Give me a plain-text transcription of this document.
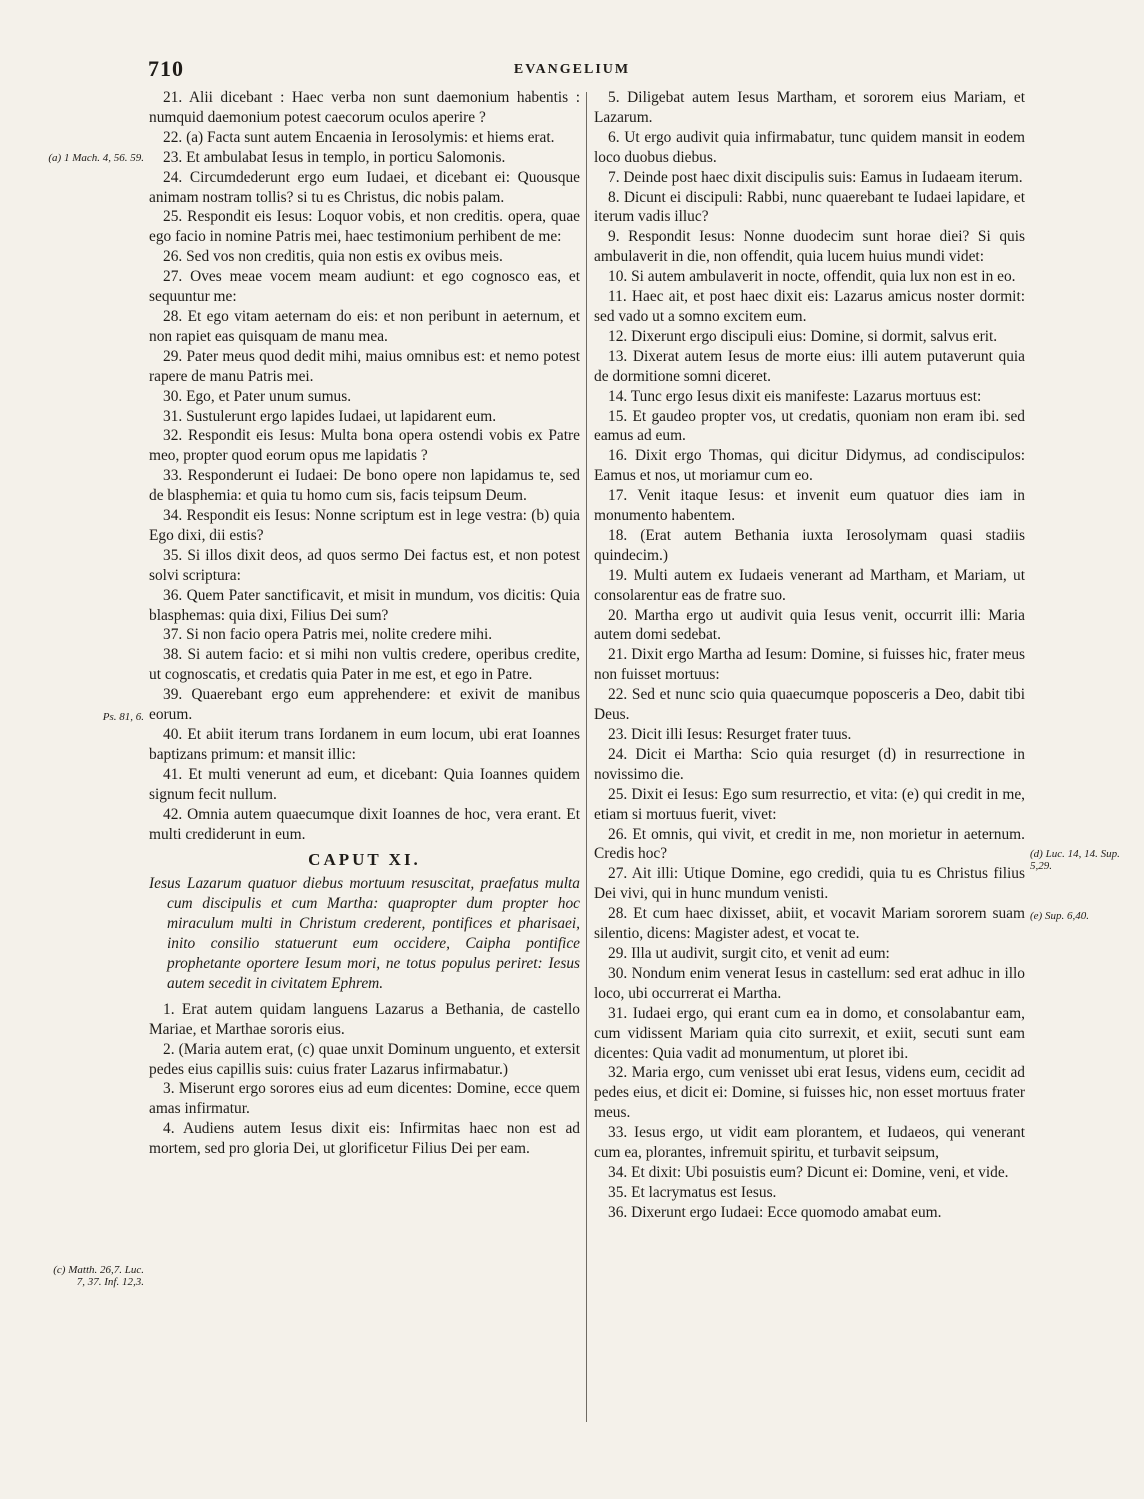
710	EVANGELIUM
(a) 1 Mach. 4, 56. 59.
Ps. 81, 6.
(c) Matth. 26,7. Luc. 7, 37. Inf. 12,3.
(d) Luc. 14, 14. Sup. 5,29.
(e) Sup. 6,40.

21. Alii dicebant : Haec verba non sunt daemonium habentis : numquid daemonium potest caecorum oculos aperire ?

22. (a) Facta sunt autem Encaenia in Ierosolymis: et hiems erat.

23. Et ambulabat Iesus in templo, in porticu Salomonis.

24. Circumdederunt ergo eum Iudaei, et dicebant ei: Quousque animam nostram tollis? si tu es Christus, dic nobis palam.

25. Respondit eis Iesus: Loquor vobis, et non creditis. opera, quae ego facio in nomine Patris mei, haec testimonium perhibent de me:

26. Sed vos non creditis, quia non estis ex ovibus meis.

27. Oves meae vocem meam audiunt: et ego cognosco eas, et sequuntur me:

28. Et ego vitam aeternam do eis: et non peribunt in aeternum, et non rapiet eas quisquam de manu mea.

29. Pater meus quod dedit mihi, maius omnibus est: et nemo potest rapere de manu Patris mei.

30. Ego, et Pater unum sumus.

31. Sustulerunt ergo lapides Iudaei, ut lapidarent eum.

32. Respondit eis Iesus: Multa bona opera ostendi vobis ex Patre meo, propter quod eorum opus me lapidatis ?

33. Responderunt ei Iudaei: De bono opere non lapidamus te, sed de blasphemia: et quia tu homo cum sis, facis teipsum Deum.

34. Respondit eis Iesus: Nonne scriptum est in lege vestra: (b) quia Ego dixi, dii estis?

35. Si illos dixit deos, ad quos sermo Dei factus est, et non potest solvi scriptura:

36. Quem Pater sanctificavit, et misit in mundum, vos dicitis: Quia blasphemas: quia dixi, Filius Dei sum?

37. Si non facio opera Patris mei, nolite credere mihi.

38. Si autem facio: et si mihi non vultis credere, operibus credite, ut cognoscatis, et credatis quia Pater in me est, et ego in Patre.

39. Quaerebant ergo eum apprehendere: et exivit de manibus eorum.

40. Et abiit iterum trans Iordanem in eum locum, ubi erat Ioannes baptizans primum: et mansit illic:

41. Et multi venerunt ad eum, et dicebant: Quia Ioannes quidem signum fecit nullum.

42. Omnia autem quaecumque dixit Ioannes de hoc, vera erant. Et multi crediderunt in eum.

CAPUT XI.

Iesus Lazarum quatuor diebus mortuum resuscitat, praefatus multa cum discipulis et cum Martha: quapropter dum propter hoc miraculum multi in Christum crederent, pontifices et pharisaei, inito consilio statuerunt eum occidere, Caipha pontifice prophetante oportere Iesum mori, ne totus populus periret: Iesus autem secedit in civitatem Ephrem.

1. Erat autem quidam languens Lazarus a Bethania, de castello Mariae, et Marthae sororis eius.

2. (Maria autem erat, (c) quae unxit Dominum unguento, et extersit pedes eius capillis suis: cuius frater Lazarus infirmabatur.)

3. Miserunt ergo sorores eius ad eum dicentes: Domine, ecce quem amas infirmatur.

4. Audiens autem Iesus dixit eis: Infirmitas haec non est ad mortem, sed pro gloria Dei, ut glorificetur Filius Dei per eam.

5. Diligebat autem Iesus Martham, et sororem eius Mariam, et Lazarum.

6. Ut ergo audivit quia infirmabatur, tunc quidem mansit in eodem loco duobus diebus.

7. Deinde post haec dixit discipulis suis: Eamus in Iudaeam iterum.

8. Dicunt ei discipuli: Rabbi, nunc quaerebant te Iudaei lapidare, et iterum vadis illuc?

9. Respondit Iesus: Nonne duodecim sunt horae diei? Si quis ambulaverit in die, non offendit, quia lucem huius mundi videt:

10. Si autem ambulaverit in nocte, offendit, quia lux non est in eo.

11. Haec ait, et post haec dixit eis: Lazarus amicus noster dormit: sed vado ut a somno excitem eum.

12. Dixerunt ergo discipuli eius: Domine, si dormit, salvus erit.

13. Dixerat autem Iesus de morte eius: illi autem putaverunt quia de dormitione somni diceret.

14. Tunc ergo Iesus dixit eis manifeste: Lazarus mortuus est:

15. Et gaudeo propter vos, ut credatis, quoniam non eram ibi. sed eamus ad eum.

16. Dixit ergo Thomas, qui dicitur Didymus, ad condiscipulos: Eamus et nos, ut moriamur cum eo.

17. Venit itaque Iesus: et invenit eum quatuor dies iam in monumento habentem.

18. (Erat autem Bethania iuxta Ierosolymam quasi stadiis quindecim.)

19. Multi autem ex Iudaeis venerant ad Martham, et Mariam, ut consolarentur eas de fratre suo.

20. Martha ergo ut audivit quia Iesus venit, occurrit illi: Maria autem domi sedebat.

21. Dixit ergo Martha ad Iesum: Domine, si fuisses hic, frater meus non fuisset mortuus:

22. Sed et nunc scio quia quaecumque poposceris a Deo, dabit tibi Deus.

23. Dicit illi Iesus: Resurget frater tuus.

24. Dicit ei Martha: Scio quia resurget (d) in resurrectione in novissimo die.

25. Dixit ei Iesus: Ego sum resurrectio, et vita: (e) qui credit in me, etiam si mortuus fuerit, vivet:

26. Et omnis, qui vivit, et credit in me, non morietur in aeternum. Credis hoc?

27. Ait illi: Utique Domine, ego credidi, quia tu es Christus filius Dei vivi, qui in hunc mundum venisti.

28. Et cum haec dixisset, abiit, et vocavit Mariam sororem suam silentio, dicens: Magister adest, et vocat te.

29. Illa ut audivit, surgit cito, et venit ad eum:

30. Nondum enim venerat Iesus in castellum: sed erat adhuc in illo loco, ubi occurrerat ei Martha.

31. Iudaei ergo, qui erant cum ea in domo, et consolabantur eam, cum vidissent Mariam quia cito surrexit, et exiit, secuti sunt eam dicentes: Quia vadit ad monumentum, ut ploret ibi.

32. Maria ergo, cum venisset ubi erat Iesus, videns eum, cecidit ad pedes eius, et dicit ei: Domine, si fuisses hic, non esset mortuus frater meus.

33. Iesus ergo, ut vidit eam plorantem, et Iudaeos, qui venerant cum ea, plorantes, infremuit spiritu, et turbavit seipsum,

34. Et dixit: Ubi posuistis eum? Dicunt ei: Domine, veni, et vide.

35. Et lacrymatus est Iesus.

36. Dixerunt ergo Iudaei: Ecce quomodo amabat eum.
